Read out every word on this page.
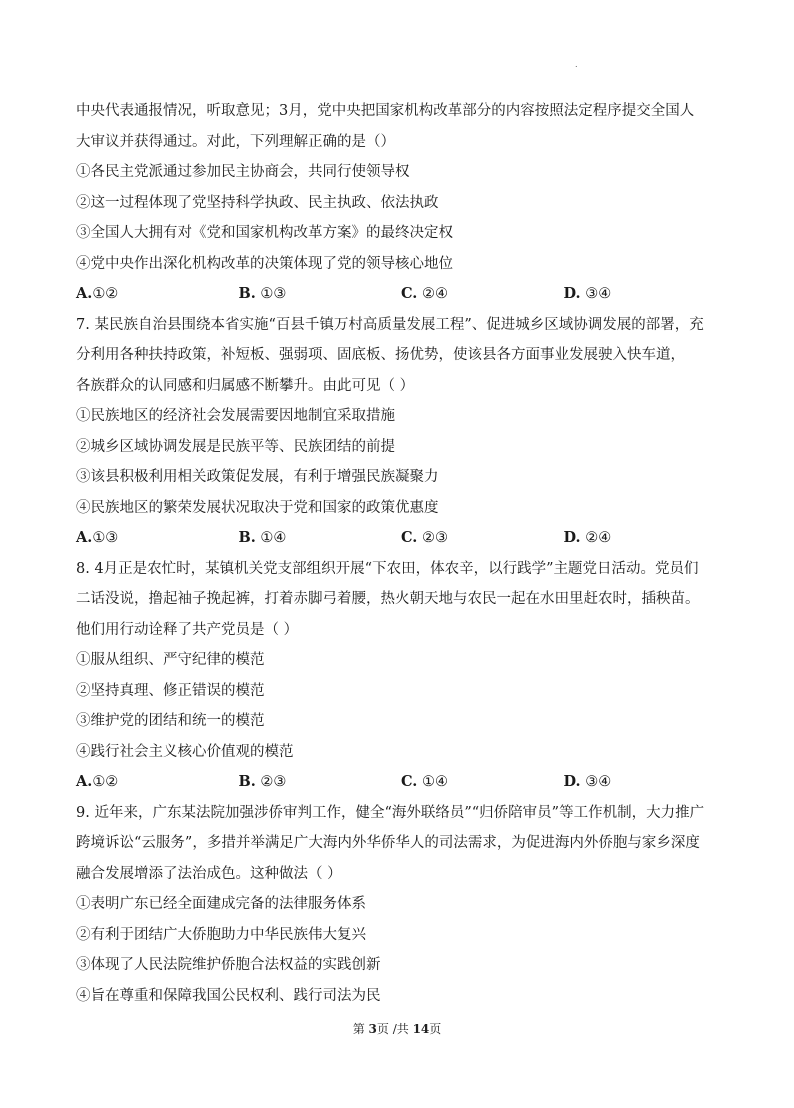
.
中央代表通报情况，听取意见；3月，党中央把国家机构改革部分的内容按照法定程序提交全国人
大审议并获得通过。对此，下列理解正确的是（）
①各民主党派通过参加民主协商会，共同行使领导权
②这一过程体现了党坚持科学执政、民主执政、依法执政
③全国人大拥有对《党和国家机构改革方案》的最终决定权
④党中央作出深化机构改革的决策体现了党的领导核心地位
A.①②	B. ①③	C. ②④	D. ③④
7. 某民族自治县围绕本省实施“百县千镇万村高质量发展工程”、促进城乡区域协调发展的部署，充
分利用各种扶持政策，补短板、强弱项、固底板、扬优势，使该县各方面事业发展驶入快车道，
各族群众的认同感和归属感不断攀升。由此可见（ ）
①民族地区的经济社会发展需要因地制宜采取措施
②城乡区域协调发展是民族平等、民族团结的前提
③该县积极利用相关政策促发展，有利于增强民族凝聚力
④民族地区的繁荣发展状况取决于党和国家的政策优惠度
A.①③	B. ①④	C. ②③	D. ②④
8. 4月正是农忙时，某镇机关党支部组织开展“下农田，体农辛，以行践学”主题党日活动。党员们
二话没说，撸起袖子挽起裤，打着赤脚弓着腰，热火朝天地与农民一起在水田里赶农时，插秧苗。
他们用行动诠释了共产党员是（ ）
①服从组织、严守纪律的模范
②坚持真理、修正错误的模范
③维护党的团结和统一的模范
④践行社会主义核心价值观的模范
A.①②	B. ②③	C. ①④	D. ③④
9. 近年来，广东某法院加强涉侨审判工作，健全“海外联络员”“归侨陪审员”等工作机制，大力推广
跨境诉讼“云服务”，多措并举满足广大海内外华侨华人的司法需求，为促进海内外侨胞与家乡深度
融合发展增添了法治成色。这种做法（ ）
①表明广东已经全面建成完备的法律服务体系
②有利于团结广大侨胞助力中华民族伟大复兴
③体现了人民法院维护侨胞合法权益的实践创新
④旨在尊重和保障我国公民权利、践行司法为民
第 3页 /共 14页
